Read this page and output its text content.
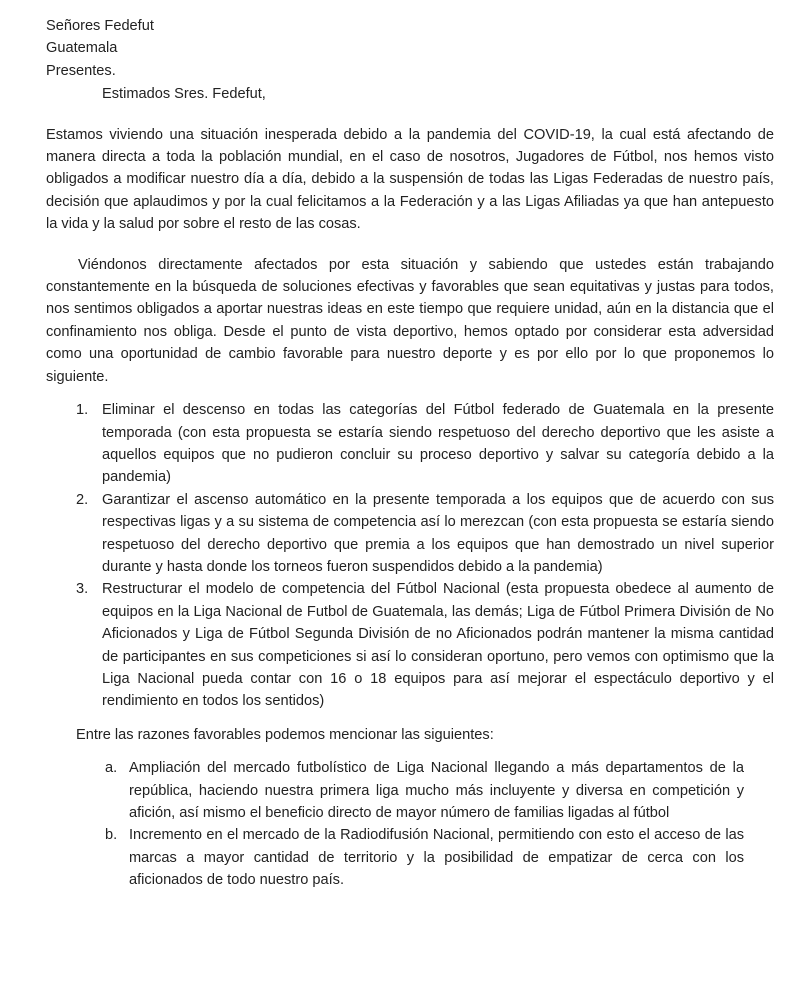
Señores Fedefut

Guatemala

Presentes.

Estimados Sres. Fedefut,

Estamos viviendo una situación inesperada debido a la pandemia del COVID-19, la cual está afectando de manera directa a toda la población mundial, en el caso de nosotros, Jugadores de Fútbol, nos hemos visto obligados a modificar nuestro día a día, debido a la suspensión de todas las Ligas Federadas de nuestro país, decisión que aplaudimos y por la cual felicitamos a la Federación y a las Ligas Afiliadas ya que han antepuesto la vida y la salud por sobre el resto de las cosas.

Viéndonos directamente afectados por esta situación y sabiendo que ustedes están trabajando constantemente en la búsqueda de soluciones efectivas y favorables que sean equitativas y justas para todos, nos sentimos obligados a aportar nuestras ideas en este tiempo que requiere unidad, aún en la distancia que el confinamiento nos obliga. Desde el punto de vista deportivo, hemos optado por considerar esta adversidad como una oportunidad de cambio favorable para nuestro deporte y es por ello por lo que proponemos lo siguiente.

1. Eliminar el descenso en todas las categorías del Fútbol federado de Guatemala en la presente temporada (con esta propuesta se estaría siendo respetuoso del derecho deportivo que les asiste a aquellos equipos que no pudieron concluir su proceso deportivo y salvar su categoría debido a la pandemia)
2. Garantizar el ascenso automático en la presente temporada a los equipos que de acuerdo con sus respectivas ligas y a su sistema de competencia así lo merezcan (con esta propuesta se estaría siendo respetuoso del derecho deportivo que premia a los equipos que han demostrado un nivel superior durante y hasta donde los torneos fueron suspendidos debido a la pandemia)
3. Restructurar el modelo de competencia del Fútbol Nacional (esta propuesta obedece al aumento de equipos en la Liga Nacional de Futbol de Guatemala, las demás; Liga de Fútbol Primera División de No Aficionados y Liga de Fútbol Segunda División de no Aficionados podrán mantener la misma cantidad de participantes en sus competiciones si así lo consideran oportuno, pero vemos con optimismo que la Liga Nacional pueda contar con 16 o 18 equipos para así mejorar el espectáculo deportivo y el rendimiento en todos los sentidos)

Entre las razones favorables podemos mencionar las siguientes:

a. Ampliación del mercado futbolístico de Liga Nacional llegando a más departamentos de la república, haciendo nuestra primera liga mucho más incluyente y diversa en competición y afición, así mismo el beneficio directo de mayor número de familias ligadas al fútbol
b. Incremento en el mercado de la Radiodifusión Nacional, permitiendo con esto el acceso de las marcas a mayor cantidad de territorio y la posibilidad de empatizar de cerca con los aficionados de todo nuestro país.
